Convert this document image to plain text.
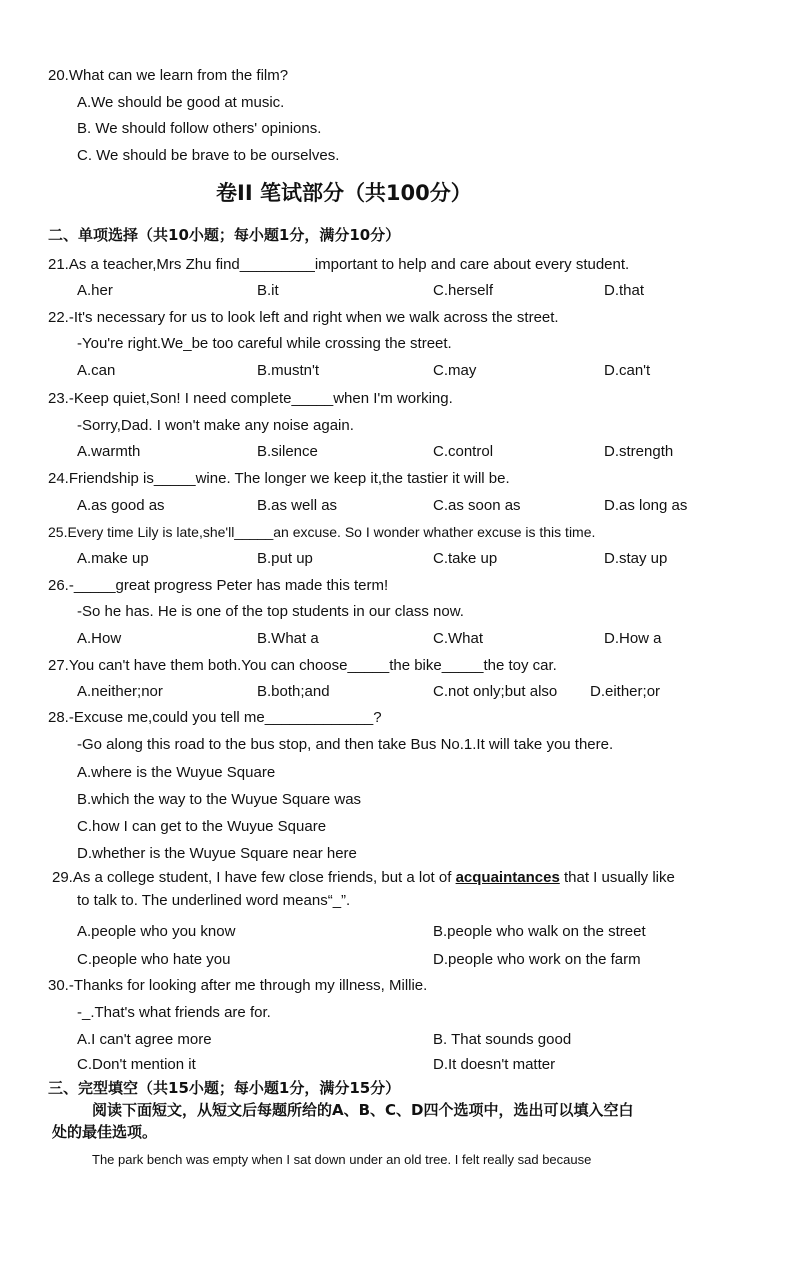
20.What can we learn from the film?
A.We should be good at music.
B. We should follow others' opinions.
C. We should be brave to be ourselves.
卷II 笔试部分（共100分）
二、单项选择（共10小题；每小题1分，满分10分）
21.As a teacher,Mrs Zhu find_________important to help and care about every student.
A.her	B.it	C.herself	D.that
22.-It's necessary for us to look left and right when we walk across the street.
-You're right.We_be too careful while crossing the street.
A.can	B.mustn't	C.may	D.can't
23.-Keep quiet,Son! I need complete_____when I'm working.
-Sorry,Dad. I won't make any noise again.
A.warmth	B.silence	C.control	D.strength
24.Friendship is_____wine. The longer we keep it,the tastier it will be.
A.as good as	B.as well as	C.as soon as	D.as long as
25.Every time Lily is late,she'll_____an excuse. So I wonder whather excuse is this time.
A.make up	B.put up	C.take up	D.stay up
26.-_____great progress Peter has made this term!
-So he has. He is one of the top students in our class now.
A.How	B.What a	C.What	D.How a
27.You can't have them both.You can choose_____the bike_____the toy car.
A.neither;nor	B.both;and	C.not only;but also D.either;or
28.-Excuse me,could you tell me_____________?
-Go along this road to the bus stop, and then take Bus No.1.It will take you there.
A.where is the Wuyue Square
B.which the way to the Wuyue Square was
C.how I can get to the Wuyue Square
D.whether is the Wuyue Square near here
29.As a college student, I have few close friends, but a lot of acquaintances that I usually like
to talk to. The underlined word means“_”.
A.people who you know	B.people who walk on the street
C.people who hate you	D.people who work on the farm
30.-Thanks for looking after me through my illness, Millie.
-_.That's what friends are for.
A.I can't agree more	B. That sounds good
C.Don't mention it	D.It doesn't matter
三、完型填空（共15小题；每小题1分，满分15分）
阅读下面短文，从短文后每题所给的A、B、C、D四个选项中，选出可以填入空白
处的最佳选项。
The park bench was empty when I sat down under an old tree. I felt really sad because
